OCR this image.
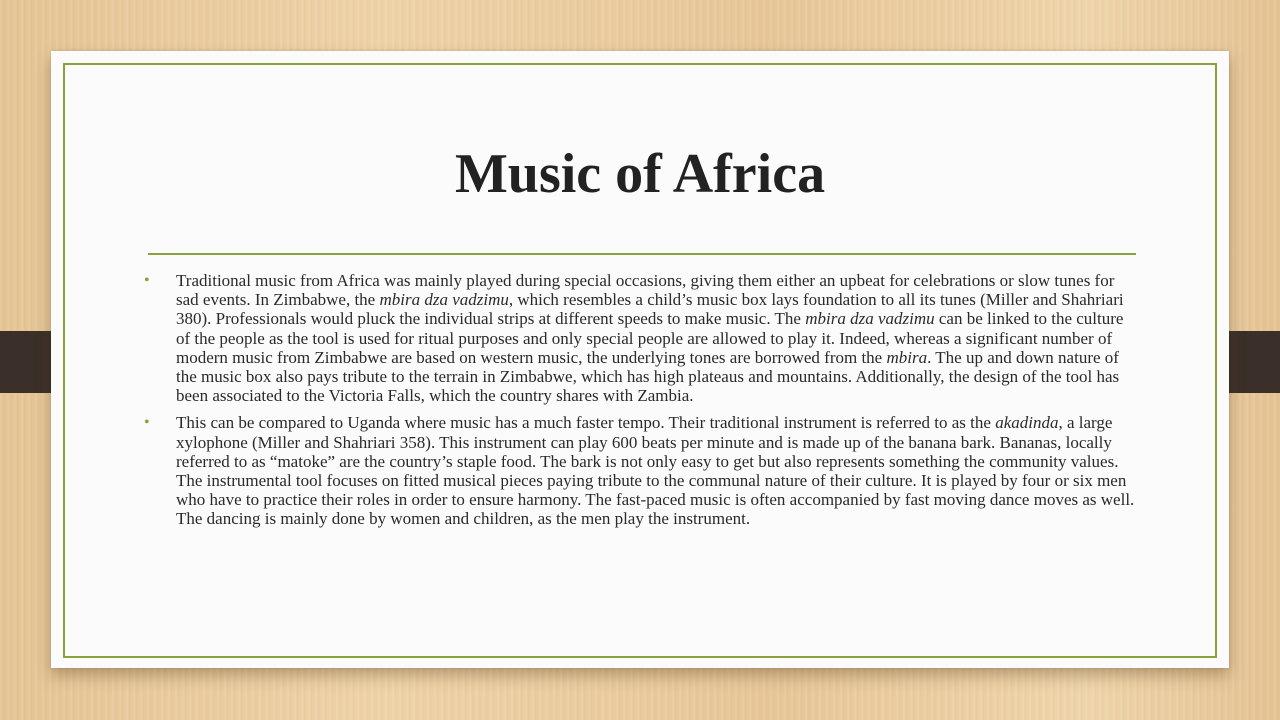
Music of Africa
• Traditional music from Africa was mainly played during special occasions, giving them either an upbeat for celebrations or slow tunes for sad events. In Zimbabwe, the mbira dza vadzimu, which resembles a child’s music box lays foundation to all its tunes (Miller and Shahriari 380). Professionals would pluck the individual strips at different speeds to make music. The mbira dza vadzimu can be linked to the culture of the people as the tool is used for ritual purposes and only special people are allowed to play it. Indeed, whereas a significant number of modern music from Zimbabwe are based on western music, the underlying tones are borrowed from the mbira. The up and down nature of the music box also pays tribute to the terrain in Zimbabwe, which has high plateaus and mountains. Additionally, the design of the tool has been associated to the Victoria Falls, which the country shares with Zambia.
• This can be compared to Uganda where music has a much faster tempo. Their traditional instrument is referred to as the akadinda, a large xylophone (Miller and Shahriari 358). This instrument can play 600 beats per minute and is made up of the banana bark. Bananas, locally referred to as “matoke” are the country’s staple food. The bark is not only easy to get but also represents something the community values. The instrumental tool focuses on fitted musical pieces paying tribute to the communal nature of their culture. It is played by four or six men who have to practice their roles in order to ensure harmony. The fast-paced music is often accompanied by fast moving dance moves as well. The dancing is mainly done by women and children, as the men play the instrument.
